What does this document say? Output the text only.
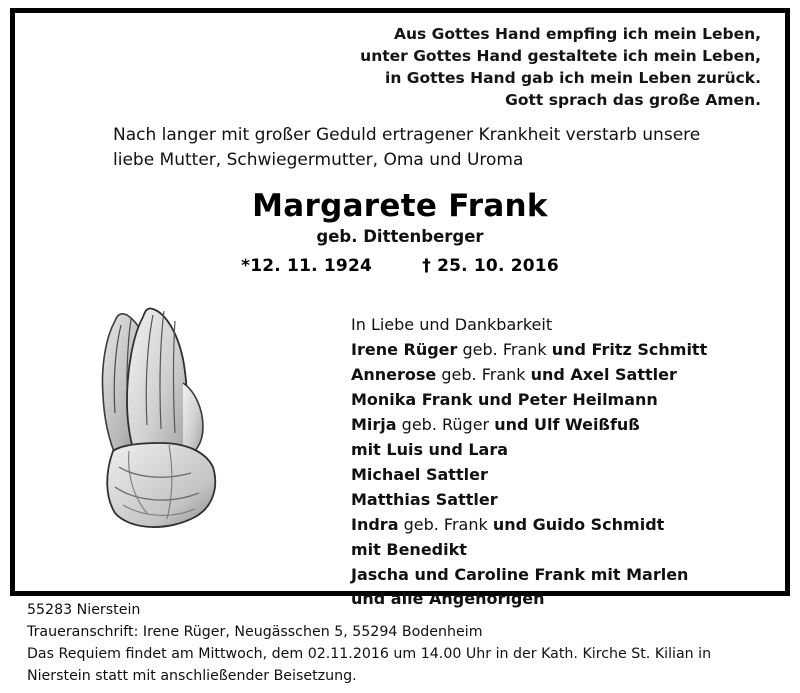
Aus Gottes Hand empfing ich mein Leben,
unter Gottes Hand gestaltete ich mein Leben,
in Gottes Hand gab ich mein Leben zurück.
Gott sprach das große Amen.
Nach langer mit großer Geduld ertragener Krankheit verstarb unsere liebe Mutter, Schwiegermutter, Oma und Uroma
Margarete Frank
geb. Dittenberger
*12. 11. 1924	† 25. 10. 2016
In Liebe und Dankbarkeit
Irene Rüger geb. Frank und Fritz Schmitt
Annerose geb. Frank und Axel Sattler
Monika Frank und Peter Heilmann
Mirja geb. Rüger und Ulf Weißfuß
mit Luis und Lara
Michael Sattler
Matthias Sattler
Indra geb. Frank und Guido Schmidt
mit Benedikt
Jascha und Caroline Frank mit Marlen
und alle Angehörigen
55283 Nierstein
Traueranschrift: Irene Rüger, Neugässchen 5, 55294 Bodenheim
Das Requiem findet am Mittwoch, dem 02.11.2016 um 14.00 Uhr in der Kath. Kirche St. Kilian in Nierstein statt mit anschließender Beisetzung.
